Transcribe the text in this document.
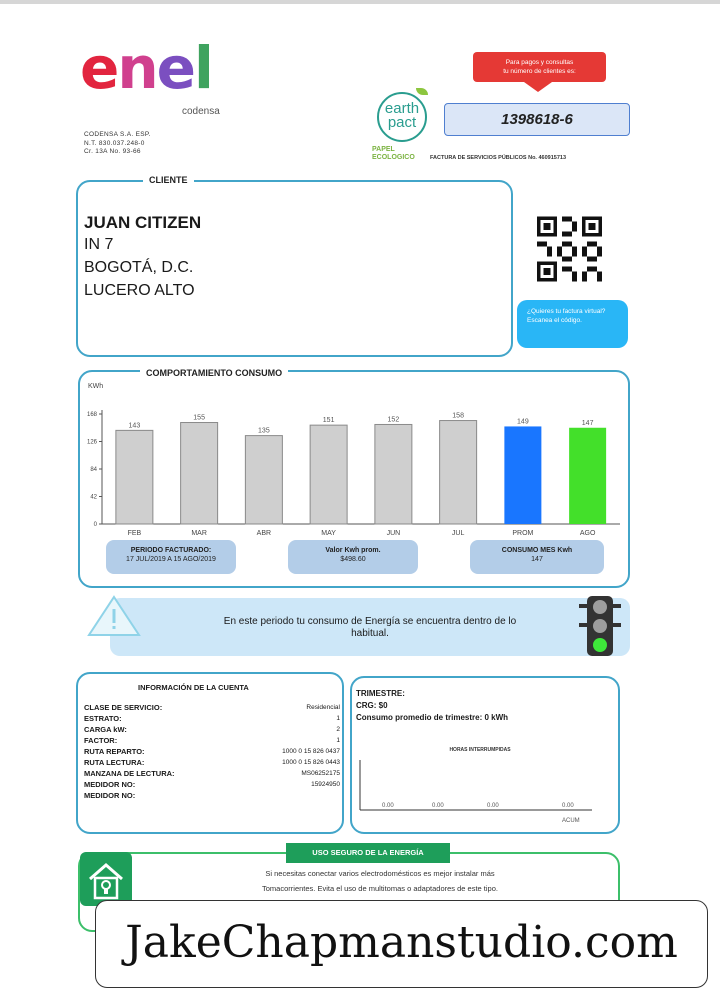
enel
codensa
CODENSA S.A. ESP.
N.T. 830.037.248-0
Cr. 13A No. 93-66
earth
pact
PAPEL
ECOLOGICO
Para pagos y consultas
tu número de clientes es:
1398618-6
FACTURA DE SERVICIOS PÚBLICOS No. 460915713
CLIENTE
JUAN CITIZEN
IN 7
BOGOTÁ, D.C.
LUCERO ALTO
¿Quieres tu factura virtual? Escanea el código.
COMPORTAMIENTO CONSUMO
KWh
0
42
84
126
168
143
FEB
155
MAR
135
ABR
151
MAY
152
JUN
158
JUL
149
PROM
147
AGO
PERIODO FACTURADO:
17 JUL/2019 A 15 AGO/2019
Valor Kwh prom.
$498.60
CONSUMO MES Kwh
147
En este periodo tu consumo de Energía se encuentra dentro de lo
habitual.
INFORMACIÓN DE LA CUENTA
CLASE DE SERVICIO:	Residencial
ESTRATO:	1
CARGA kW:	2
FACTOR:	1
RUTA REPARTO:	1000 0 15 826 0437
RUTA LECTURA:	1000 0 15 826 0443
MANZANA DE LECTURA:	MS06252175
MEDIDOR NO:	15924950
MEDIDOR NO:
TRIMESTRE:
CRG: $0
Consumo promedio de trimestre: 0 kWh
HORAS INTERRUMPIDAS
0.00	0.00	0.00	0.00
ACUM
USO SEGURO DE LA ENERGÍA
Si necesitas conectar varios electrodomésticos es mejor instalar más
Tomacorrientes. Evita el uso de multitomas o adaptadores de este tipo.
JakeChapmanstudio.com
